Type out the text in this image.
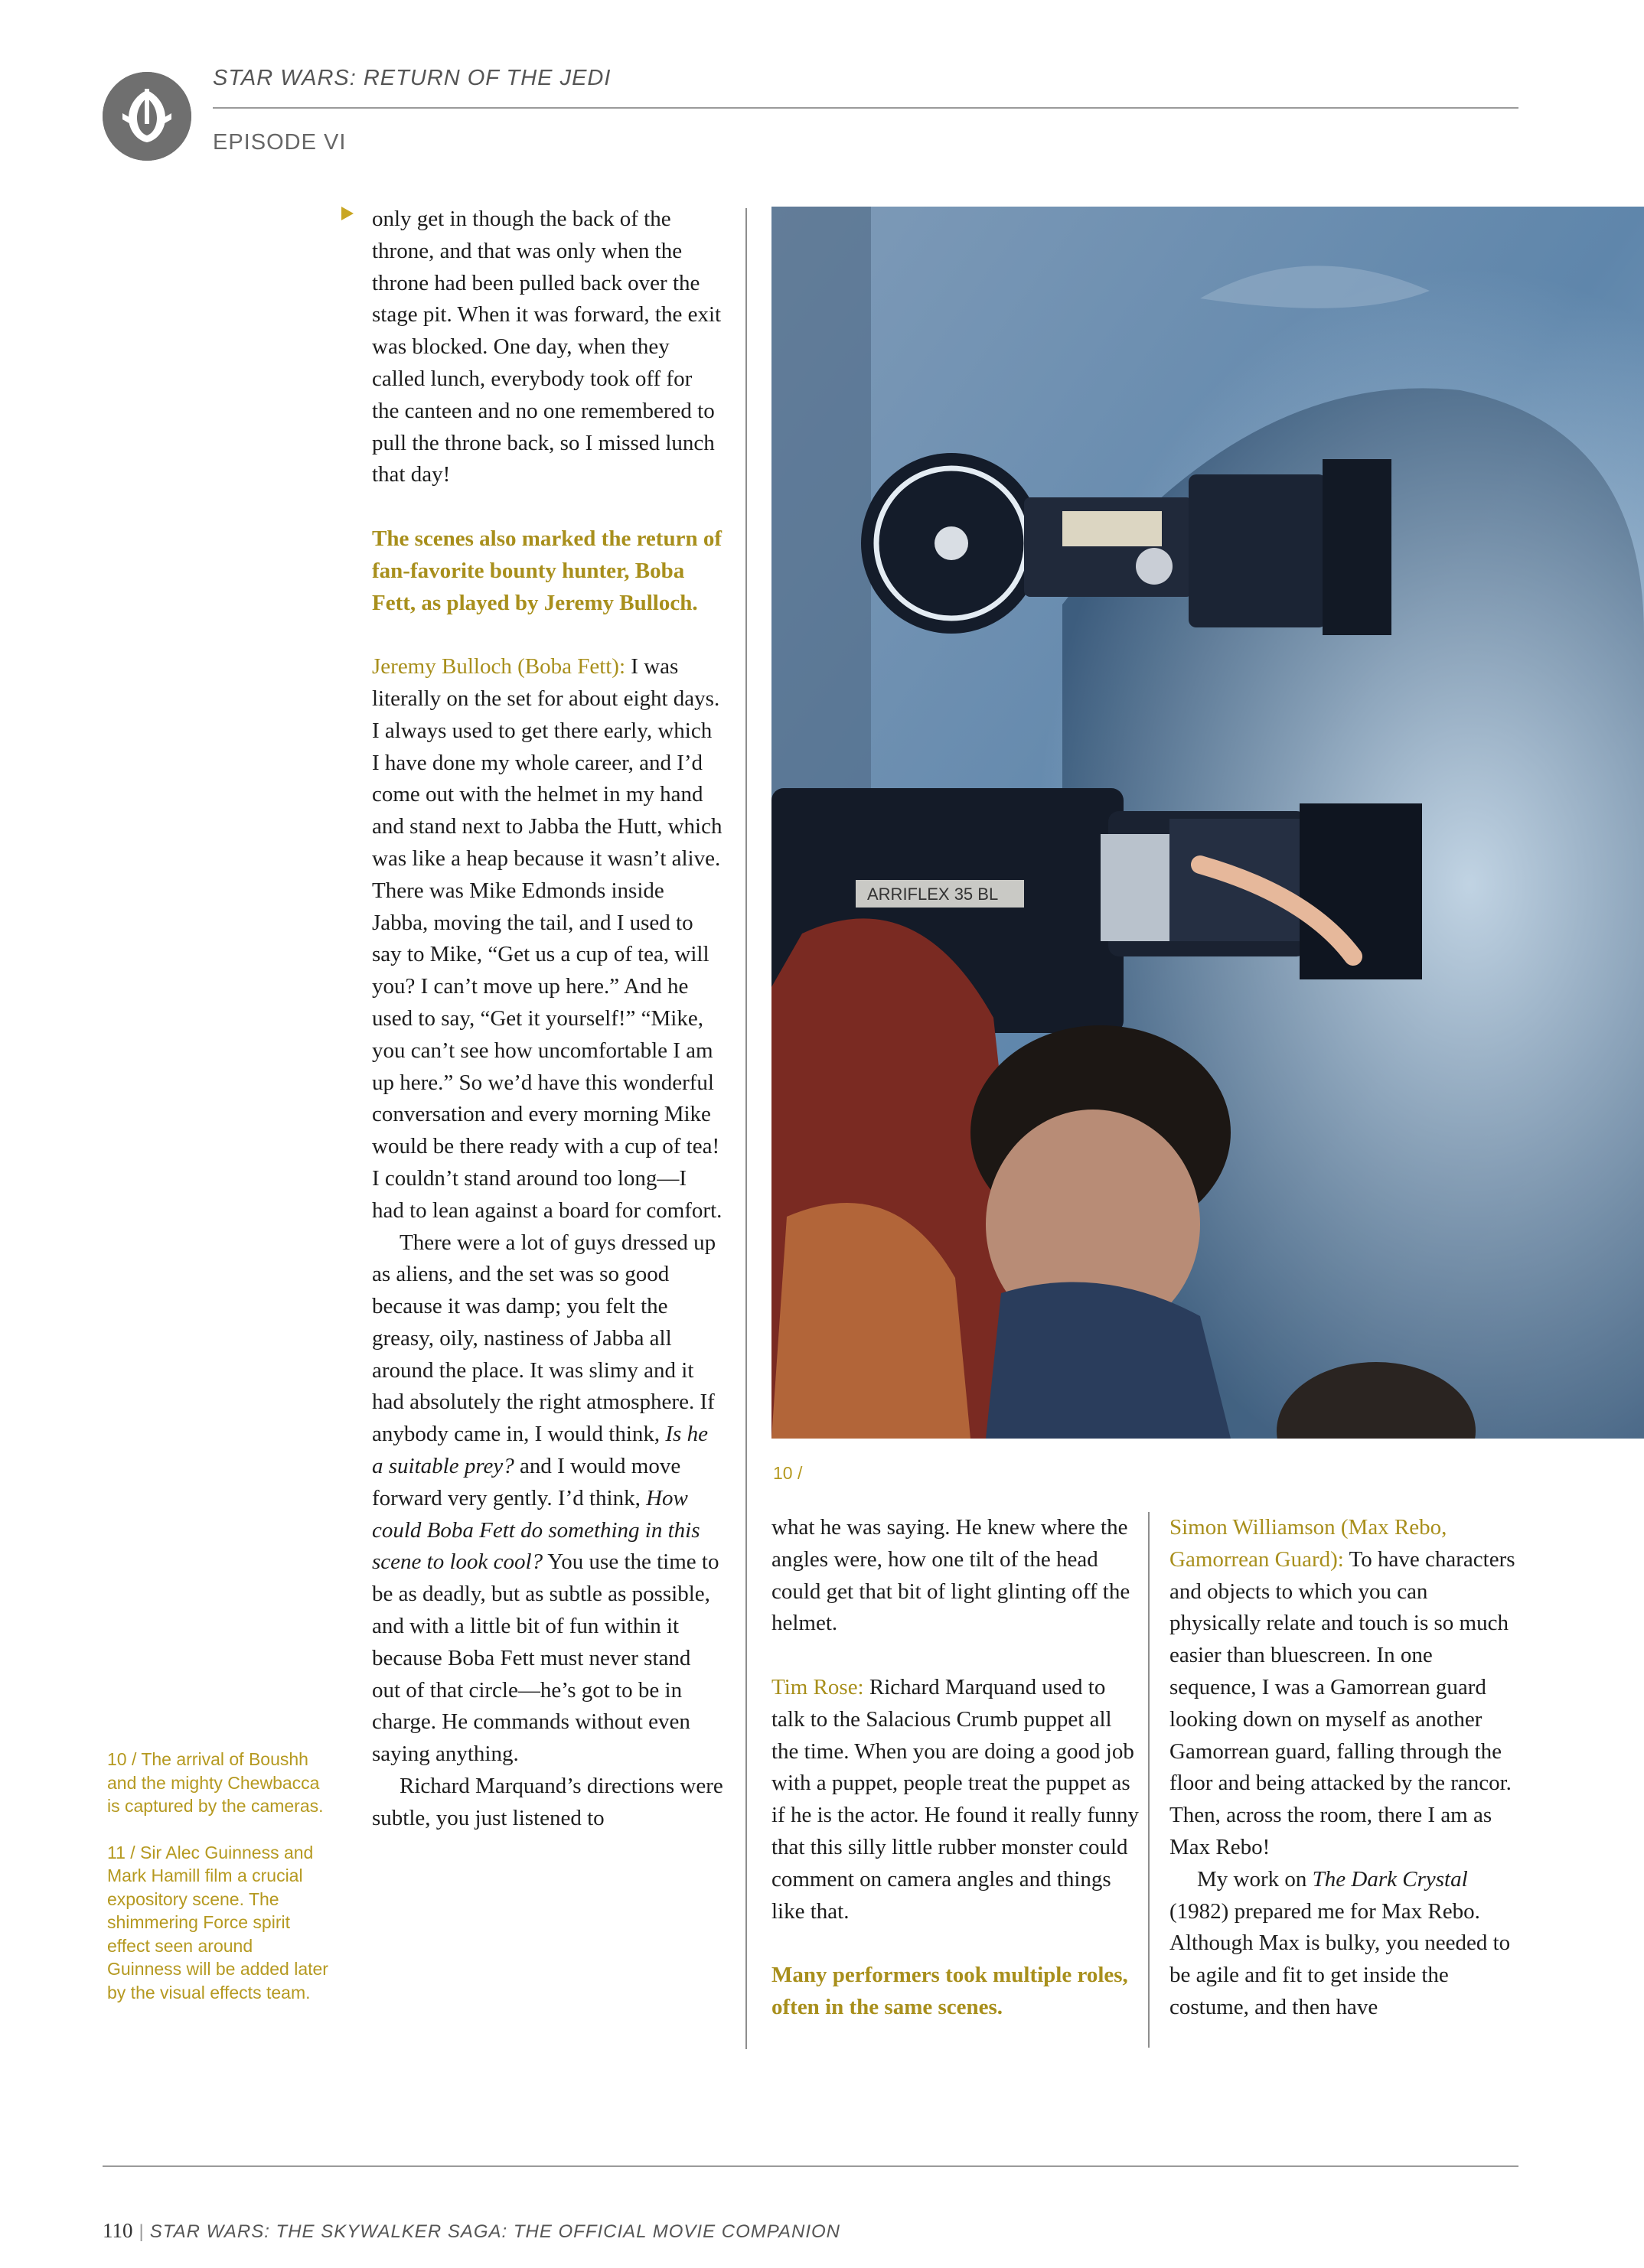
STAR WARS: RETURN OF THE JEDI
EPISODE VI

only get in though the back of the throne, and that was only when the throne had been pulled back over the stage pit. When it was forward, the exit was blocked. One day, when they called lunch, everybody took off for the canteen and no one remembered to pull the throne back, so I missed lunch that day!

The scenes also marked the return of fan-favorite bounty hunter, Boba Fett, as played by Jeremy Bulloch.

Jeremy Bulloch (Boba Fett): I was literally on the set for about eight days. I always used to get there early, which I have done my whole career, and I’d come out with the helmet in my hand and stand next to Jabba the Hutt, which was like a heap because it wasn’t alive. There was Mike Edmonds inside Jabba, moving the tail, and I used to say to Mike, “Get us a cup of tea, will you? I can’t move up here.” And he used to say, “Get it yourself!” “Mike, you can’t see how uncomfortable I am up here.” So we’d have this wonderful conversation and every morning Mike would be there ready with a cup of tea! I couldn’t stand around too long—I had to lean against a board for comfort.

There were a lot of guys dressed up as aliens, and the set was so good because it was damp; you felt the greasy, oily, nastiness of Jabba all around the place. It was slimy and it had absolutely the right atmosphere. If anybody came in, I would think, Is he a suitable prey? and I would move forward very gently. I’d think, How could Boba Fett do something in this scene to look cool? You use the time to be as deadly, but as subtle as possible, and with a little bit of fun within it because Boba Fett must never stand out of that circle—he’s got to be in charge. He commands without even saying anything.

Richard Marquand’s directions were subtle, you just listened to

ARRIFLEX 35 BL
10 /

what he was saying. He knew where the angles were, how one tilt of the head could get that bit of light glinting off the helmet.

Tim Rose: Richard Marquand used to talk to the Salacious Crumb puppet all the time. When you are doing a good job with a puppet, people treat the puppet as if he is the actor. He found it really funny that this silly little rubber monster could comment on camera angles and things like that.

Many performers took multiple roles, often in the same scenes.

Simon Williamson (Max Rebo, Gamorrean Guard): To have characters and objects to which you can physically relate and touch is so much easier than bluescreen. In one sequence, I was a Gamorrean guard looking down on myself as another Gamorrean guard, falling through the floor and being attacked by the rancor. Then, across the room, there I am as Max Rebo!

My work on The Dark Crystal (1982) prepared me for Max Rebo. Although Max is bulky, you needed to be agile and fit to get inside the costume, and then have

10 / The arrival of Boushh and the mighty Chewbacca is captured by the cameras.

11 / Sir Alec Guinness and Mark Hamill film a crucial expository scene. The shimmering Force spirit effect seen around Guinness will be added later by the visual effects team.

110 | STAR WARS: THE SKYWALKER SAGA: THE OFFICIAL MOVIE COMPANION
